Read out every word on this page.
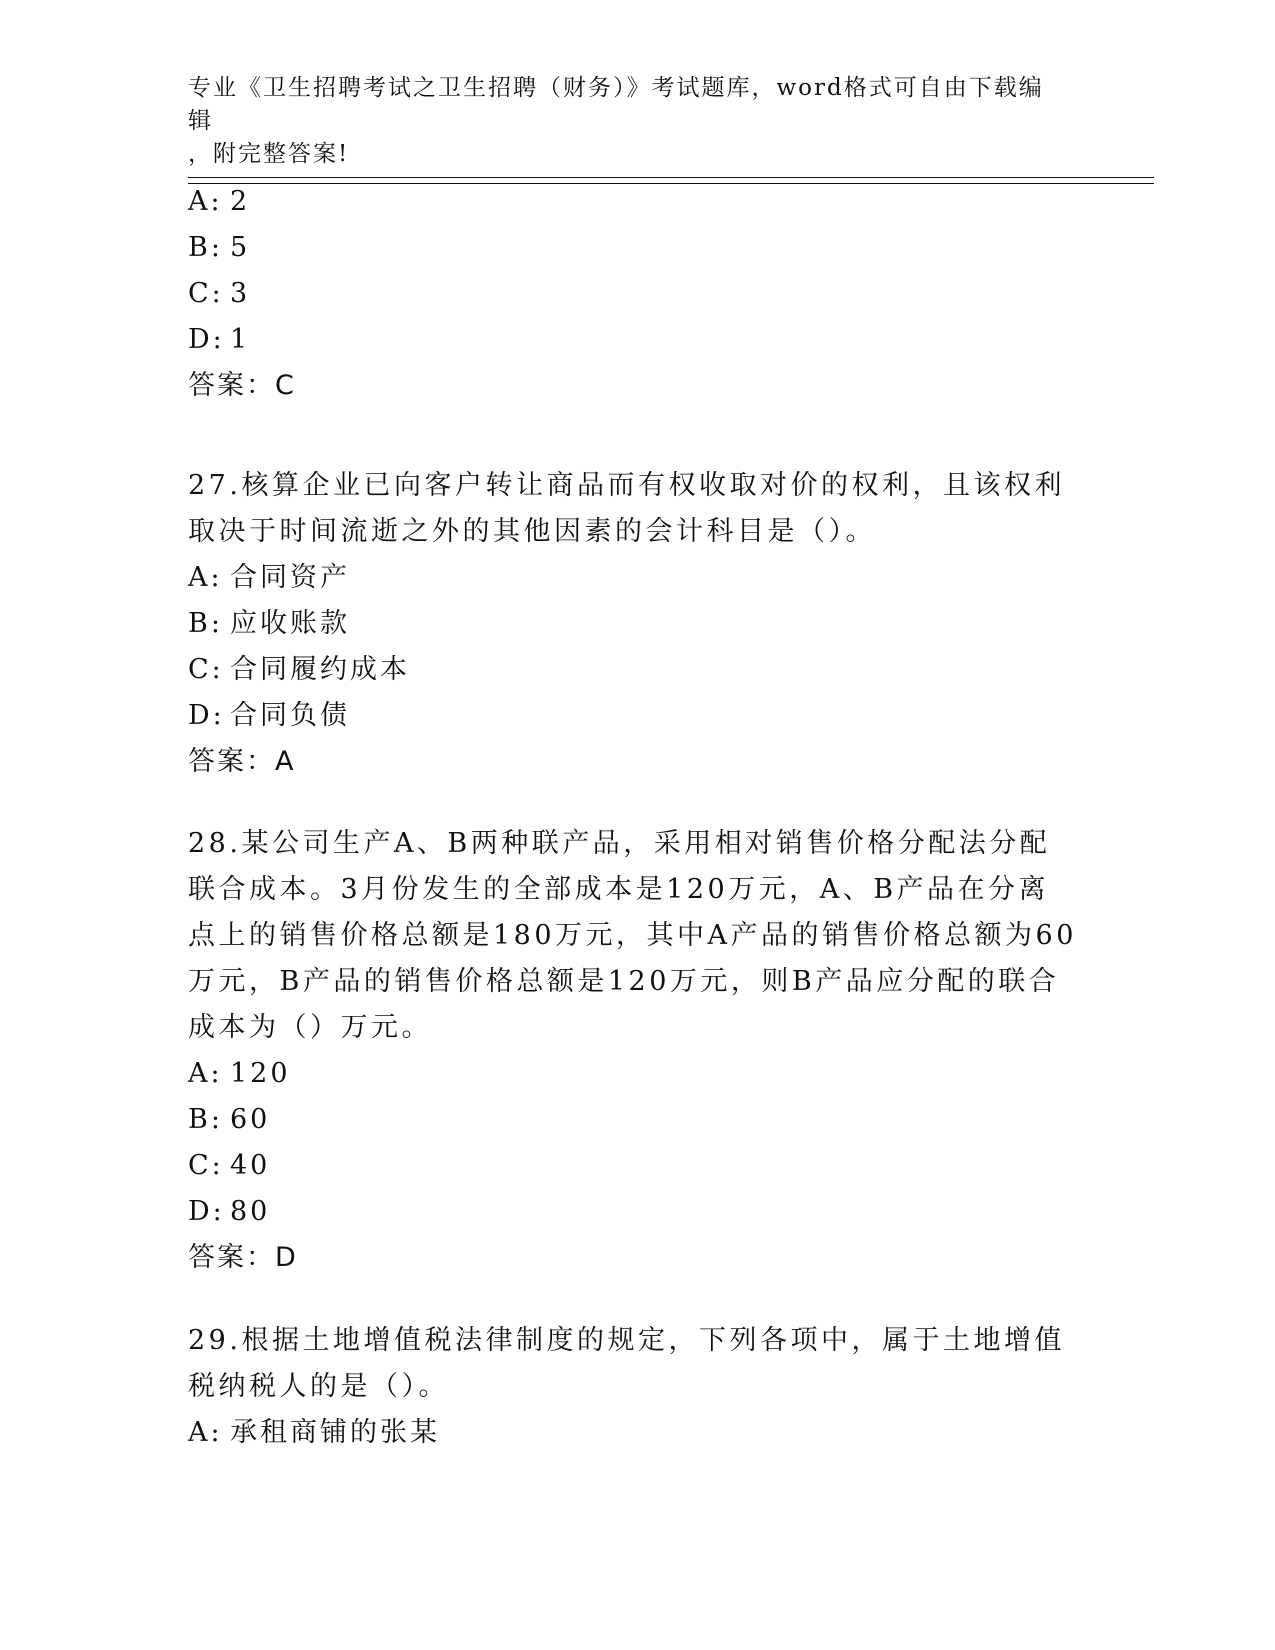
专业《卫生招聘考试之卫生招聘（财务）》考试题库，word格式可自由下载编辑
，附完整答案!
A: 2
B: 5
C: 3
D: 1
答案：C
27.核算企业已向客户转让商品而有权收取对价的权利，且该权利取决于时间流逝之外的其他因素的会计科目是（）。
A: 合同资产
B: 应收账款
C: 合同履约成本
D: 合同负债
答案：A
28.某公司生产A、B两种联产品，采用相对销售价格分配法分配联合成本。3月份发生的全部成本是120万元，A、B产品在分离点上的销售价格总额是180万元，其中A产品的销售价格总额为60万元，B产品的销售价格总额是120万元，则B产品应分配的联合成本为（）万元。
A: 120
B: 60
C: 40
D: 80
答案：D
29.根据土地增值税法律制度的规定，下列各项中，属于土地增值税纳税人的是（）。
A: 承租商铺的张某
